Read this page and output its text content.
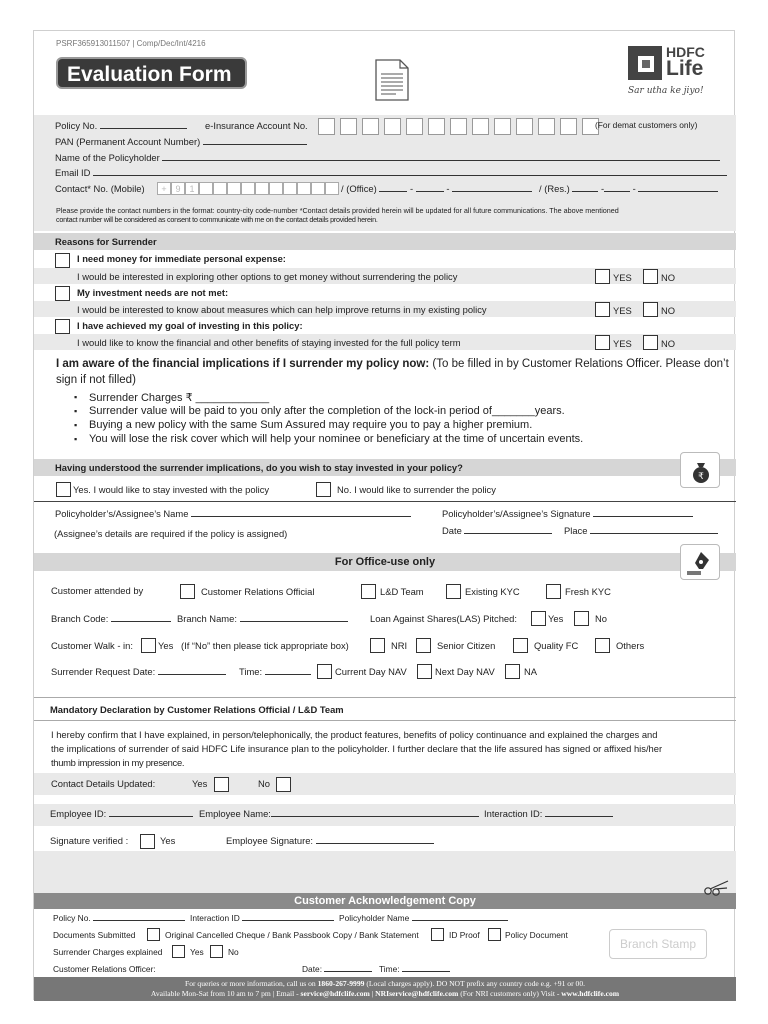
PSRF365913011507 | Comp/Dec/Int/4216
Evaluation Form
HDFC
Life
Sar utha ke jiyo!
Policy No.	e-Insurance Account No.	(For demat customers only)
PAN (Permanent Account Number)
Name of the Policyholder
Email ID
Contact* No. (Mobile)	+ 9 1	/ (Office)	-	-	/ (Res.)	-	-
Please provide the contact numbers in the format: country-city code-number *Contact details provided herein will be updated for all future communications. The above mentioned
contact number will be considered as consent to communicate with me on the contact details provided herein.
Reasons for Surrender
I need money for immediate personal expense:
I would be interested in exploring other options to get money without surrendering the policy	YES	NO
My investment needs are not met:
I would be interested to know about measures which can help improve returns in my existing policy	YES	NO
I have achieved my goal of investing in this policy:
I would like to know the financial and other benefits of staying invested for the full policy term	YES	NO
I am aware of the financial implications if I surrender my policy now: (To be filled in by Customer Relations Officer. Please don’t
sign if not filled)
▪ Surrender Charges ₹ ____________
▪ Surrender value will be paid to you only after the completion of the lock-in period of_______years.
▪ Buying a new policy with the same Sum Assured may require you to pay a higher premium.
▪ You will lose the risk cover which will help your nominee or beneficiary at the time of uncertain events.
Having understood the surrender implications, do you wish to stay invested in your policy?
₹
Yes. I would like to stay invested with the policy	No. I would like to surrender the policy
Policyholder’s/Assignee’s Name	Policyholder’s/Assignee’s Signature
(Assignee’s details are required if the policy is assigned)	Date	Place
For Office-use only
Customer attended by	Customer Relations Official	L&D Team	Existing KYC	Fresh KYC
Branch Code:	Branch Name:	Loan Against Shares(LAS) Pitched:	Yes	No
Customer Walk - in:	Yes (If “No” then please tick appropriate box)	NRI	Senior Citizen	Quality FC	Others
Surrender Request Date:	Time:	Current Day NAV	Next Day NAV	NA
Mandatory Declaration by Customer Relations Official / L&D Team
I hereby confirm that I have explained, in person/telephonically, the product features, benefits of policy continuance and explained the charges and
the implications of surrender of said HDFC Life insurance plan to the policyholder. I further declare that the life assured has signed or affixed his/her
thumb impression in my presence.
Contact Details Updated:	Yes	No
Employee ID:	Employee Name:	Interaction ID:
Signature verified :	Yes	Employee Signature:
Customer Acknowledgement Copy
Policy No.	Interaction ID	Policyholder Name
Documents Submitted	Original Cancelled Cheque / Bank Passbook Copy / Bank Statement	ID Proof	Policy Document
Surrender Charges explained	Yes	No
Customer Relations Officer:	Date:	Time:
Branch Stamp
For queries or more information, call us on 1860-267-9999 (Local charges apply). DO NOT prefix any country code e.g. +91 or 00.
Available Mon-Sat from 10 am to 7 pm | Email - service@hdfclife.com | NRIservice@hdfclife.com (For NRI customers only) Visit - www.hdfclife.com
